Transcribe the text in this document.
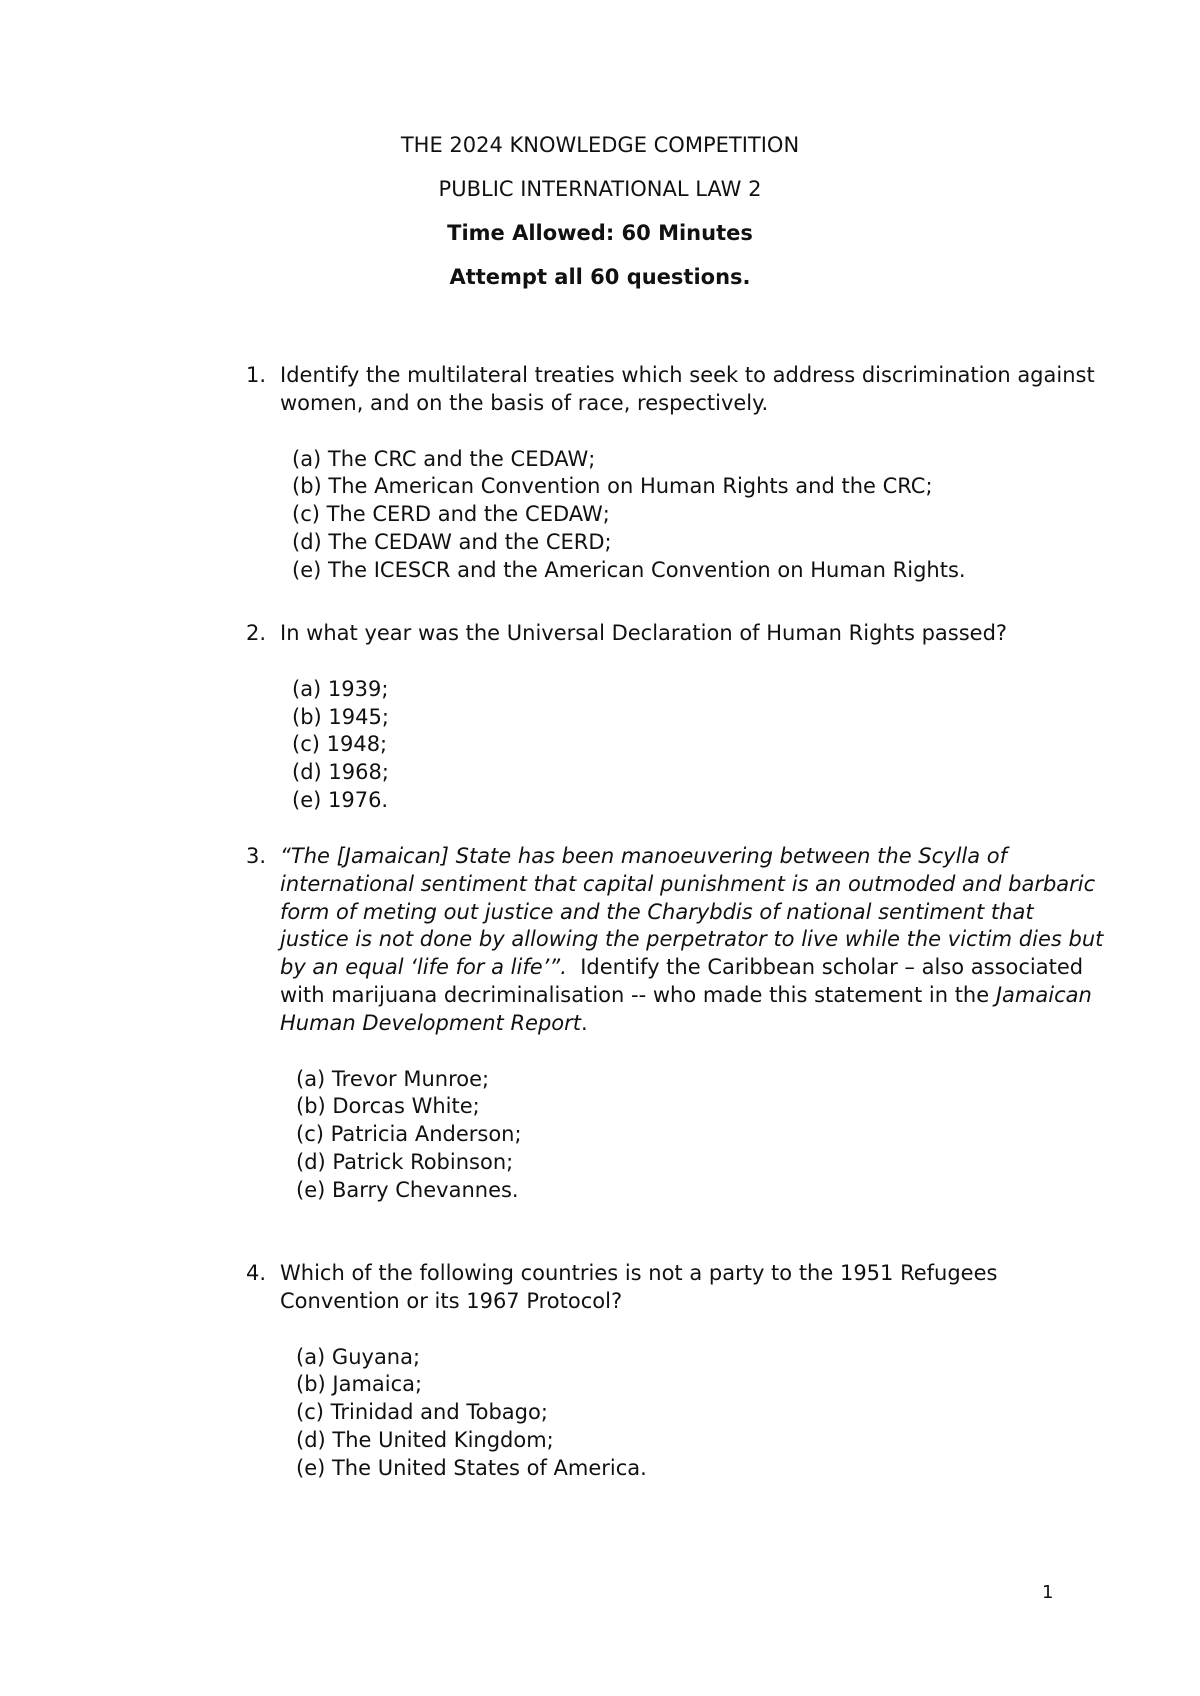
THE 2024 KNOWLEDGE COMPETITION
PUBLIC INTERNATIONAL LAW 2
Time Allowed: 60 Minutes
Attempt all 60 questions.
1. Identify the multilateral treaties which seek to address discrimination against women, and on the basis of race, respectively.
(a) The CRC and the CEDAW;
(b) The American Convention on Human Rights and the CRC;
(c) The CERD and the CEDAW;
(d) The CEDAW and the CERD;
(e) The ICESCR and the American Convention on Human Rights.
2. In what year was the Universal Declaration of Human Rights passed?
(a) 1939;
(b) 1945;
(c) 1948;
(d) 1968;
(e) 1976.
3. “The [Jamaican] State has been manoeuvering between the Scylla of international sentiment that capital punishment is an outmoded and barbaric form of meting out justice and the Charybdis of national sentiment that justice is not done by allowing the perpetrator to live while the victim dies but by an equal ‘life for a life’”. Identify the Caribbean scholar – also associated with marijuana decriminalisation -- who made this statement in the Jamaican Human Development Report.
(a) Trevor Munroe;
(b) Dorcas White;
(c) Patricia Anderson;
(d) Patrick Robinson;
(e) Barry Chevannes.
4. Which of the following countries is not a party to the 1951 Refugees Convention or its 1967 Protocol?
(a) Guyana;
(b) Jamaica;
(c) Trinidad and Tobago;
(d) The United Kingdom;
(e) The United States of America.
1
